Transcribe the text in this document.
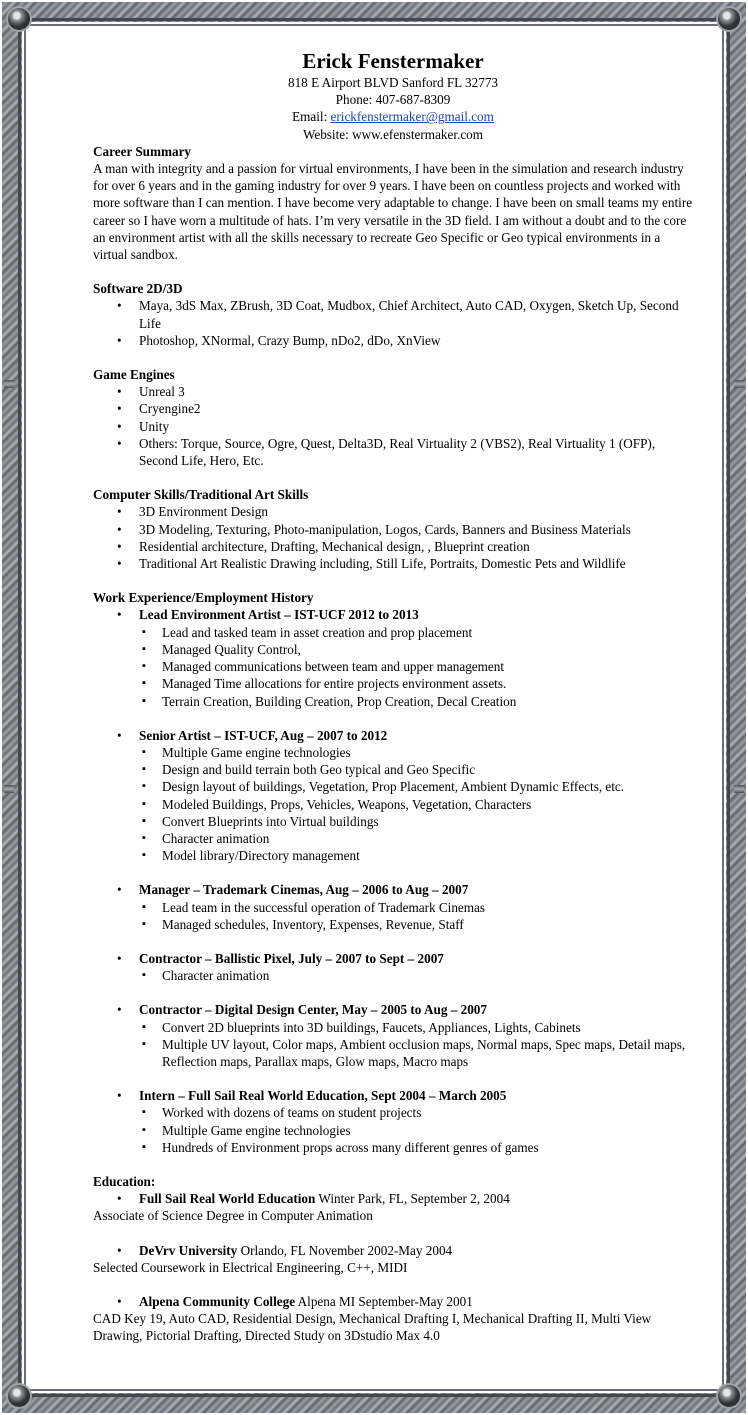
Erick Fenstermaker
818 E Airport BLVD Sanford FL 32773
Phone: 407-687-8309
Email: erickfenstermaker@gmail.com
Website: www.efenstermaker.com
Career Summary

A man with integrity and a passion for virtual environments, I have been in the simulation and research industry for over 6 years and in the gaming industry for over 9 years. I have been on countless projects and worked with more software than I can mention. I have become very adaptable to change. I have been on small teams my entire career so I have worn a multitude of hats. I’m very versatile in the 3D field. I am without a doubt and to the core an environment artist with all the skills necessary to recreate Geo Specific or Geo typical environments in a virtual sandbox.

Software 2D/3D
• Maya, 3dS Max, ZBrush, 3D Coat, Mudbox, Chief Architect, Auto CAD, Oxygen, Sketch Up, Second Life
• Photoshop, XNormal, Crazy Bump, nDo2, dDo, XnView
Game Engines
• Unreal 3
• Cryengine2
• Unity
• Others: Torque, Source, Ogre, Quest, Delta3D, Real Virtuality 2 (VBS2), Real Virtuality 1 (OFP), Second Life, Hero, Etc.
Computer Skills/Traditional Art Skills
• 3D Environment Design
• 3D Modeling, Texturing, Photo-manipulation, Logos, Cards, Banners and Business Materials
• Residential architecture, Drafting, Mechanical design, , Blueprint creation
• Traditional Art Realistic Drawing including, Still Life, Portraits, Domestic Pets and Wildlife
Work Experience/Employment History
• Lead Environment Artist – IST-UCF 2012 to 2013
▪ Lead and tasked team in asset creation and prop placement
▪ Managed Quality Control,
▪ Managed communications between team and upper management
▪ Managed Time allocations for entire projects environment assets.
▪ Terrain Creation, Building Creation, Prop Creation, Decal Creation
• Senior Artist – IST-UCF, Aug – 2007 to 2012
▪ Multiple Game engine technologies
▪ Design and build terrain both Geo typical and Geo Specific
▪ Design layout of buildings, Vegetation, Prop Placement, Ambient Dynamic Effects, etc.
▪ Modeled Buildings, Props, Vehicles, Weapons, Vegetation, Characters
▪ Convert Blueprints into Virtual buildings
▪ Character animation
▪ Model library/Directory management
• Manager – Trademark Cinemas, Aug – 2006 to Aug – 2007
▪ Lead team in the successful operation of Trademark Cinemas
▪ Managed schedules, Inventory, Expenses, Revenue, Staff
• Contractor – Ballistic Pixel, July – 2007 to Sept – 2007
▪ Character animation
• Contractor – Digital Design Center, May – 2005 to Aug – 2007
▪ Convert 2D blueprints into 3D buildings, Faucets, Appliances, Lights, Cabinets
▪ Multiple UV layout, Color maps, Ambient occlusion maps, Normal maps, Spec maps, Detail maps, Reflection maps, Parallax maps, Glow maps, Macro maps
• Intern – Full Sail Real World Education, Sept 2004 – March 2005
▪ Worked with dozens of teams on student projects
▪ Multiple Game engine technologies
▪ Hundreds of Environment props across many different genres of games
Education:
• Full Sail Real World Education Winter Park, FL, September 2, 2004

Associate of Science Degree in Computer Animation

• DeVrv University Orlando, FL November 2002-May 2004

Selected Coursework in Electrical Engineering, C++, MIDI

• Alpena Community College Alpena MI September-May 2001

CAD Key 19, Auto CAD, Residential Design, Mechanical Drafting I, Mechanical Drafting II, Multi View Drawing, Pictorial Drafting, Directed Study on 3Dstudio Max 4.0
